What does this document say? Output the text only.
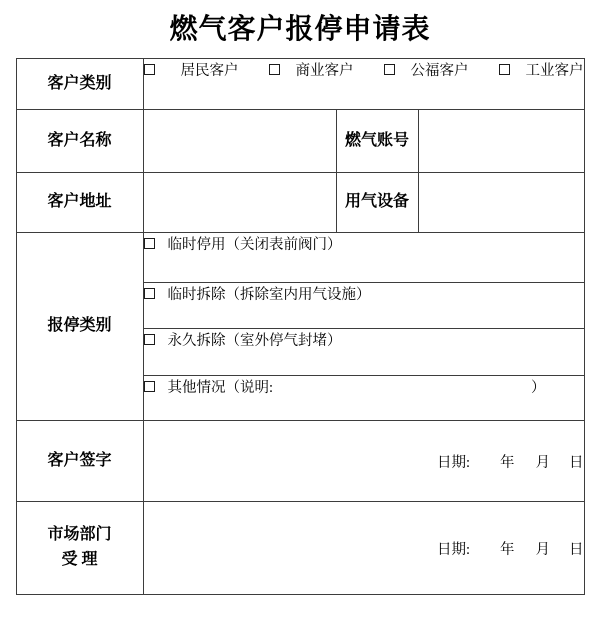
燃气客户报停申请表
客户类别	居民客户 商业客户 公福客户 工业客户		

客户名称		燃气账号	
客户地址		用气设备	
报停类别	临时停用（关闭表前阀门）		

	临时拆除（拆除室内用气设施）		

	永久拆除（室外停气封堵）		

	其他情况（说明: ）		

客户签字	日期: 年 月 日		

市场部门
受 理	日期: 年 月 日		
